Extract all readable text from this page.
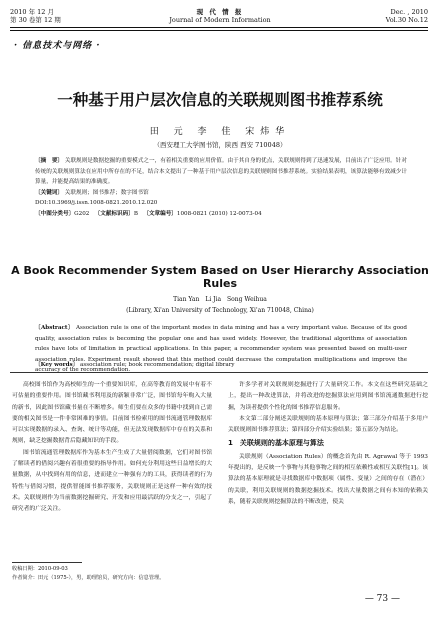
2010 年 12 月
第 30 卷第 12 期
现 代 情 报
Journal of Modern Information
Dec. , 2010
Vol.30 No.12
· 信息技术与网络 ·
一种基于用户层次信息的关联规则图书推荐系统
田 元 李 佳 宋炜华
（西安理工大学图书馆，陕西 西安 710048）
〔摘　要〕 关联规则是数据挖掘的重要模式之一，有着相关重要的应用价值。由于其自身的优点，关联规则得到了迅速发展，目前出了广泛应用。针对传统的关联规则算法在应用中所存在的不足，结合本文提出了一种基于用户层次信息的关联规则图书推荐系统。实验结果表明，该算法能够有效减少计算量，并能提高结果的准确度。
〔关键词〕 关联规则；图书推荐；数字图书馆
DOI:10.3969/j.issn.1008-0821.2010.12.020
〔中图分类号〕G202 〔文献标识码〕B 〔文章编号〕1008-0821 (2010) 12-0073-04
A Book Recommender System Based on User Hierarchy Association Rules
Tian Yan　Li Jia　Song Weihua
(Library, Xi'an University of Technology, Xi'an 710048, China)
〔Abstract〕 Association rule is one of the important modes in data mining and has a very important value. Because of its good quality, association rules is becoming the popular one and has used widely. However, the traditional algorithms of association rules have lots of limitation in practical applications. In this paper, a recommender system was presented based on multi-user association rules. Experiment result showed that this method could decrease the computation multiplications and improve the accuracy of the recommendation.
〔Key words〕 association rule; book recommendation; digital library

高校图书馆作为高校师生的一个重要知识库，在高等教育的发展中有着不可估量的重要作用。图书馆藏书利用及的新颖非常广泛，图书馆每年购入大量的新书，因此图书馆藏书量在不断增多。师生们要在众多的书籍中找到自己需要的相关图书是一件非常困难的事情。目前图书检索用的图书流通管理数据库可以实现数据的录入、查询、统计等功能，但无法发现数据库中存在的关系和规则，缺乏挖掘数据背后隐藏知识的手段。

图书馆流通管理数据库作为基本生产生成了大量借阅数据，它们对图书馆了解读者的借阅兴趣有着很重要的指导作用。如何充分利用这些日益增长的大量数据，从中找到有用的信息，进而建立一种强有力的工具，获得读者的行为特性与借阅习惯，提供智能图书推荐服务，关联规则正是这样一种有效的技术。关联规则作为当前数据挖掘研究、开发和应用最活跃的分支之一，引起了研究者的广泛关注。

许多学者对关联规则挖掘进行了大量研究工作。本文在这些研究基础之上，提出一种改进算法，并将改进的挖掘算法应用到图书馆流通数据进行挖掘，为读者提供个性化的图书推荐信息服务。

本文第二部分阐述关联规则的基本原理与算法；第三部分介绍基于多用户关联规则图书推荐算法；第四部分介绍实验结果；第五部分为结论。

1　关联规则的基本原理与算法

关联规则（Association Rules）的概念首先由 R. Agrawal 等于 1993 年提出的，是反映一个事物与其他事物之间的相互依赖性或相互关联性[1]。该算法的基本原理就是寻找数据库中数据项（属性、变量）之间的存在（潜在）的关联，利用关联规则的数据挖掘技术。找出大量数据之间有本知的依赖关系，随着关联规则挖掘算法的不断改进，使关

收稿日期：2010-09-03
作者简介：田元（1975-），男，助理馆员，研究方向：信息管理。
— 73 —
